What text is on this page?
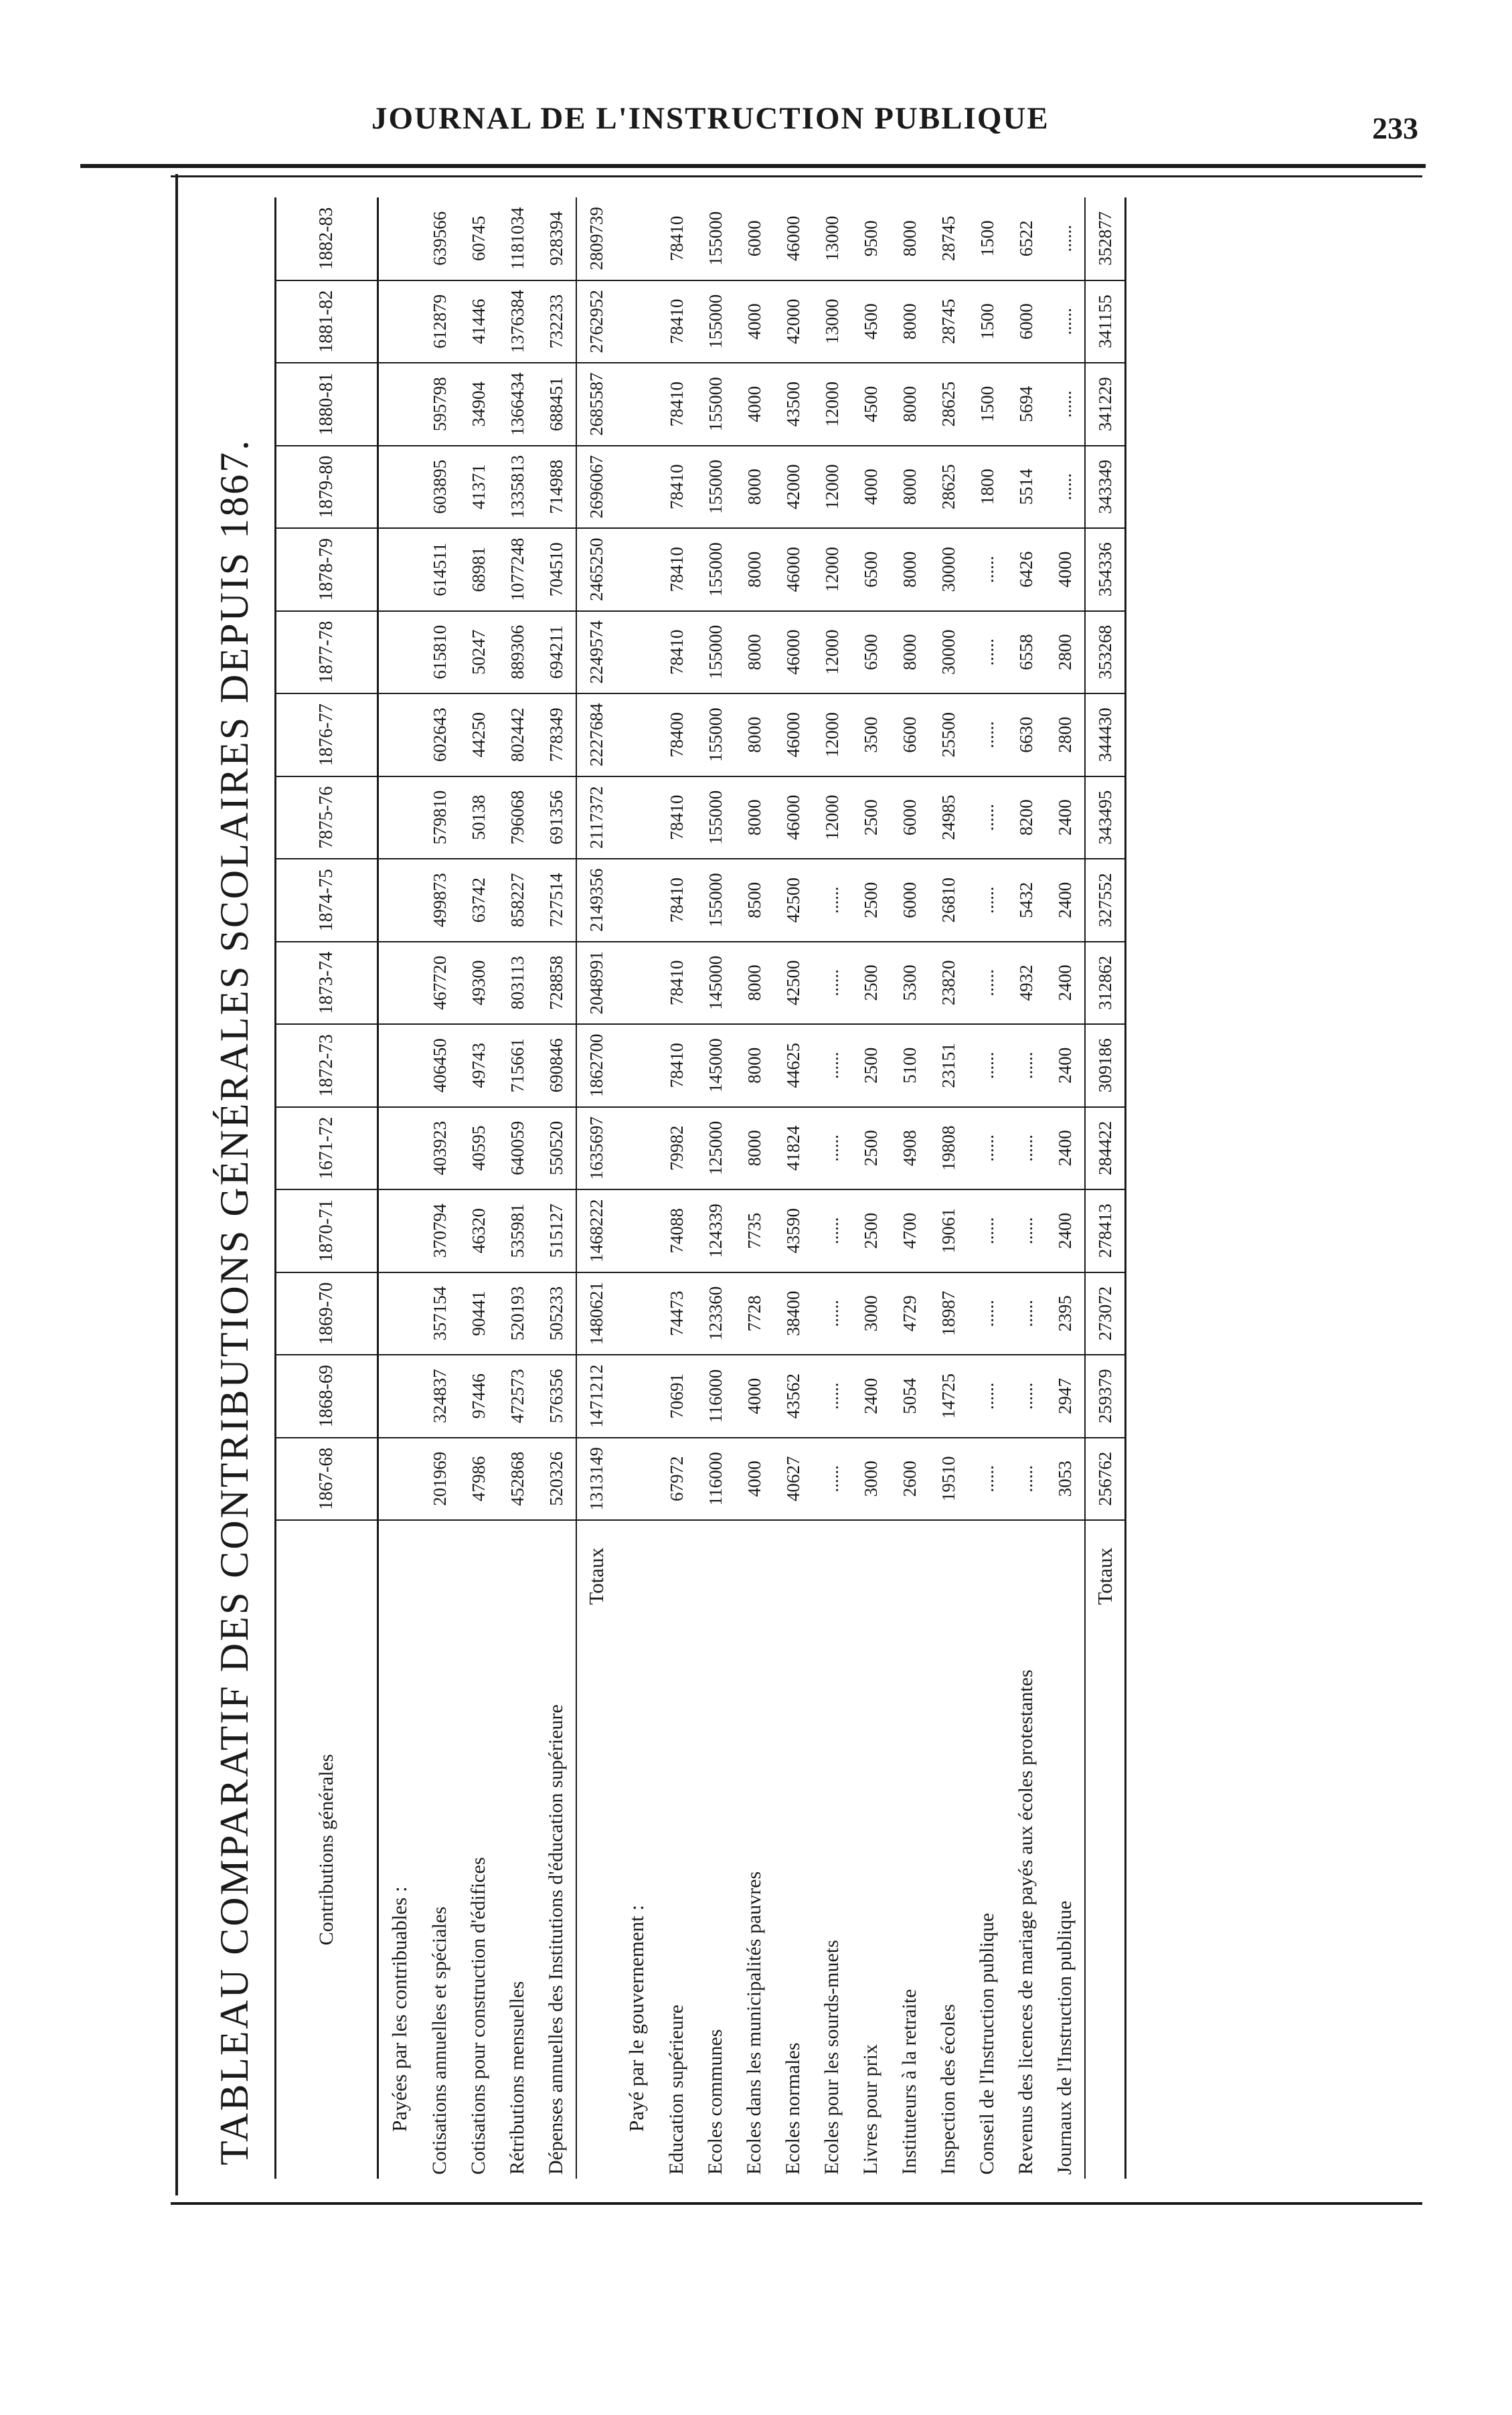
JOURNAL DE L'INSTRUCTION PUBLIQUE	233
TABLEAU COMPARATIF DES CONTRIBUTIONS GÉNÉRALES SCOLAIRES DEPUIS 1867.	Contributions générales	1867-68	1868-69	1869-70	1870-71	1671-72	1872-73	1873-74	1874-75	7875-76	1876-77	1877-78	1878-79	1879-80	1880-81	1881-82	1882-83
Payées par les contribuables :																
Cotisations annuelles et spéciales	201969	324837	357154	370794	403923	406450	467720	499873	579810	602643	615810	614511	603895	595798	612879	639566
Cotisations pour construction d'édifices	47986	97446	90441	46320	40595	49743	49300	63742	50138	44250	50247	68981	41371	34904	41446	60745
Rétributions mensuelles	452868	472573	520193	535981	640059	715661	803113	858227	796068	802442	889306	1077248	1335813	1366434	1376384	1181034
Dépenses annuelles des Institutions d'éducation supérieure	520326	576356	505233	515127	550520	690846	728858	727514	691356	778349	694211	704510	714988	688451	732233	928394
Totaux	1313149	1471212	1480621	1468222	1635697	1862700	2048991	2149356	2117372	2227684	2249574	2465250	2696067	2685587	2762952	2809739
Payé par le gouvernement :																
Education supérieure	67972	70691	74473	74088	79982	78410	78410	78410	78410	78400	78410	78410	78410	78410	78410	78410
Ecoles communes	116000	116000	123360	124339	125000	145000	145000	155000	155000	155000	155000	155000	155000	155000	155000	155000
Ecoles dans les municipalités pauvres	4000	4000	7728	7735	8000	8000	8000	8500	8000	8000	8000	8000	8000	4000	4000	6000
Ecoles normales	40627	43562	38400	43590	41824	44625	42500	42500	46000	46000	46000	46000	42000	43500	42000	46000
Ecoles pour les sourds-muets	......	......	......	......	......	......	......	......	12000	12000	12000	12000	12000	12000	13000	13000
Livres pour prix	3000	2400	3000	2500	2500	2500	2500	2500	2500	3500	6500	6500	4000	4500	4500	9500
Instituteurs à la retraite	2600	5054	4729	4700	4908	5100	5300	6000	6000	6600	8000	8000	8000	8000	8000	8000
Inspection des écoles	19510	14725	18987	19061	19808	23151	23820	26810	24985	25500	30000	30000	28625	28625	28745	28745
Conseil de l'Instruction publique	......	......	......	......	......	......	......	......	......	......	......	......	1800	1500	1500	1500
Revenus des licences de mariage payés aux écoles protestantes	......	......	......	......	......	......	4932	5432	8200	6630	6558	6426	5514	5694	6000	6522
Journaux de l'Instruction publique	3053	2947	2395	2400	2400	2400	2400	2400	2400	2800	2800	4000	......	......	......	......
Totaux	256762	259379	273072	278413	284422	309186	312862	327552	343495	344430	353268	354336	343349	341229	341155	352877
